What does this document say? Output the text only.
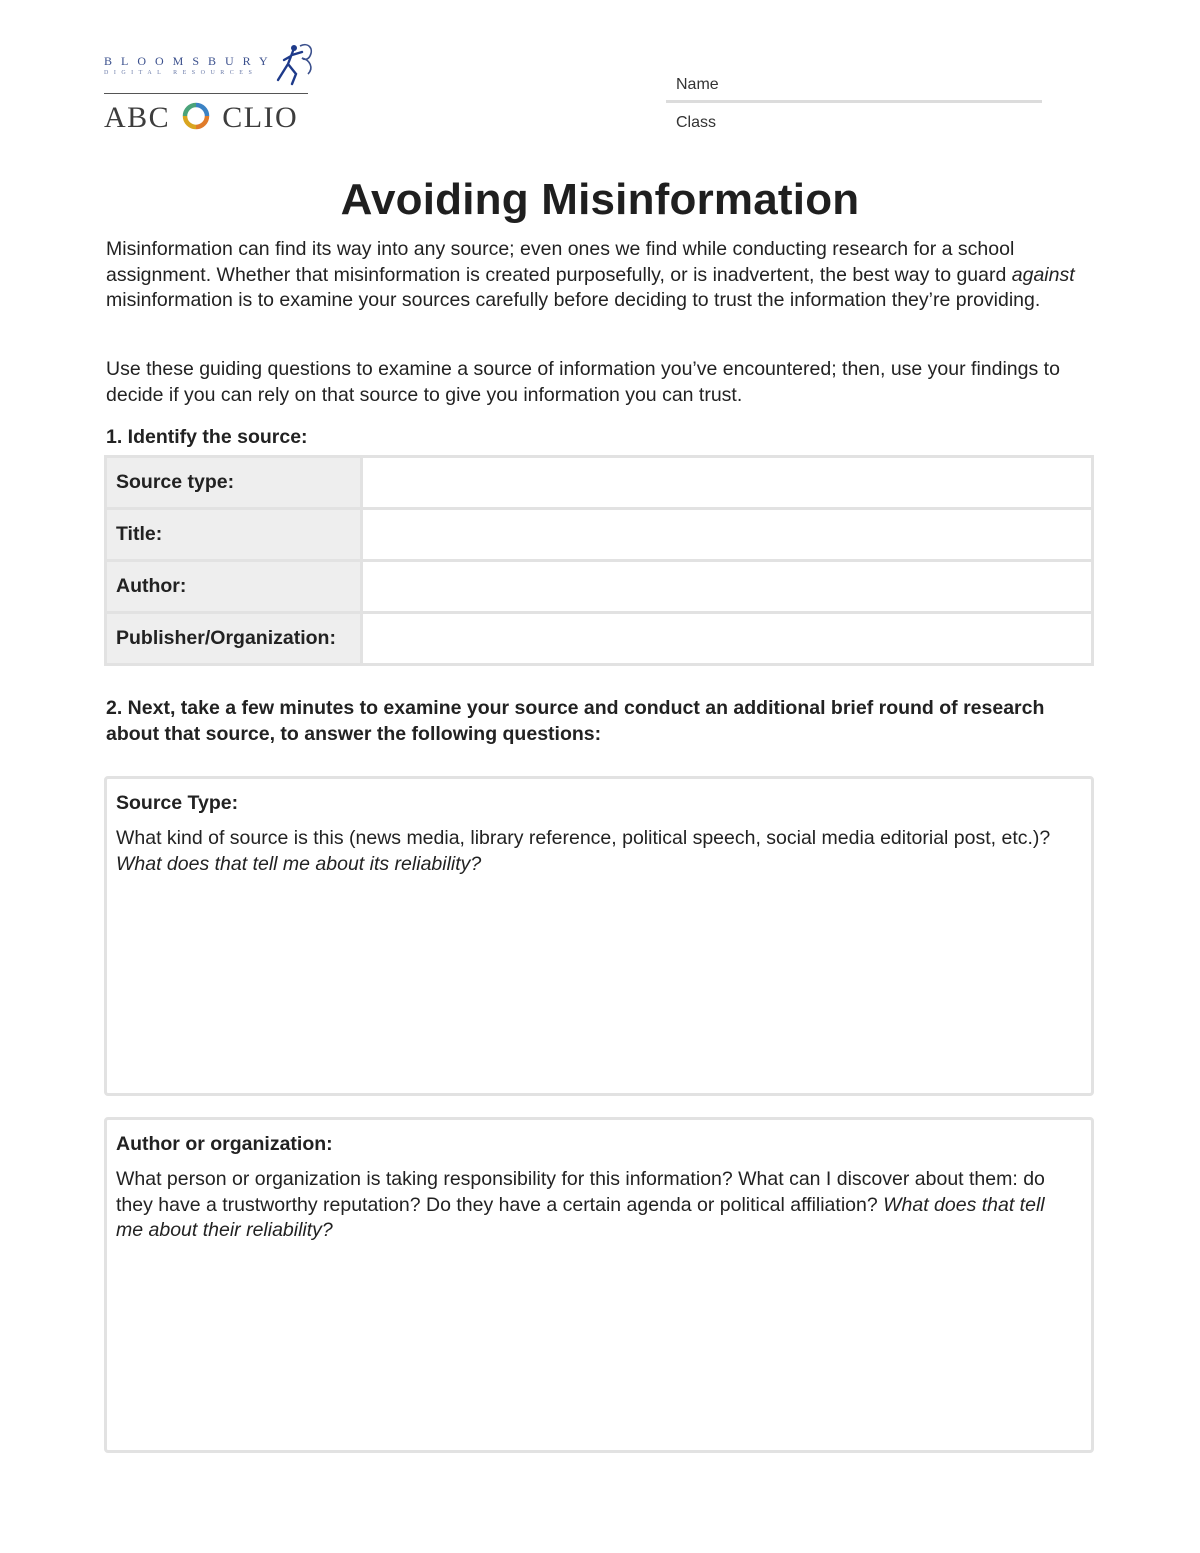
BLOOMSBURY
DIGITAL RESOURCES
ABC ○ CLIO
Name
Class
Avoiding Misinformation

Misinformation can find its way into any source; even ones we find while conducting research for a school assignment. Whether that misinformation is created purposefully, or is inadvertent, the best way to guard against misinformation is to examine your sources carefully before deciding to trust the information they’re providing.

Use these guiding questions to examine a source of information you’ve encountered; then, use your findings to decide if you can rely on that source to give you information you can trust.

1. Identify the source:

Source type:	
Title:	
Author:	
Publisher/Organization:	

2. Next, take a few minutes to examine your source and conduct an additional brief round of research about that source, to answer the following questions:

Source Type:

What kind of source is this (news media, library reference, political speech, social media editorial post, etc.)? What does that tell me about its reliability?

Author or organization:

What person or organization is taking responsibility for this information? What can I discover about them: do they have a trustworthy reputation? Do they have a certain agenda or political affiliation? What does that tell me about their reliability?
